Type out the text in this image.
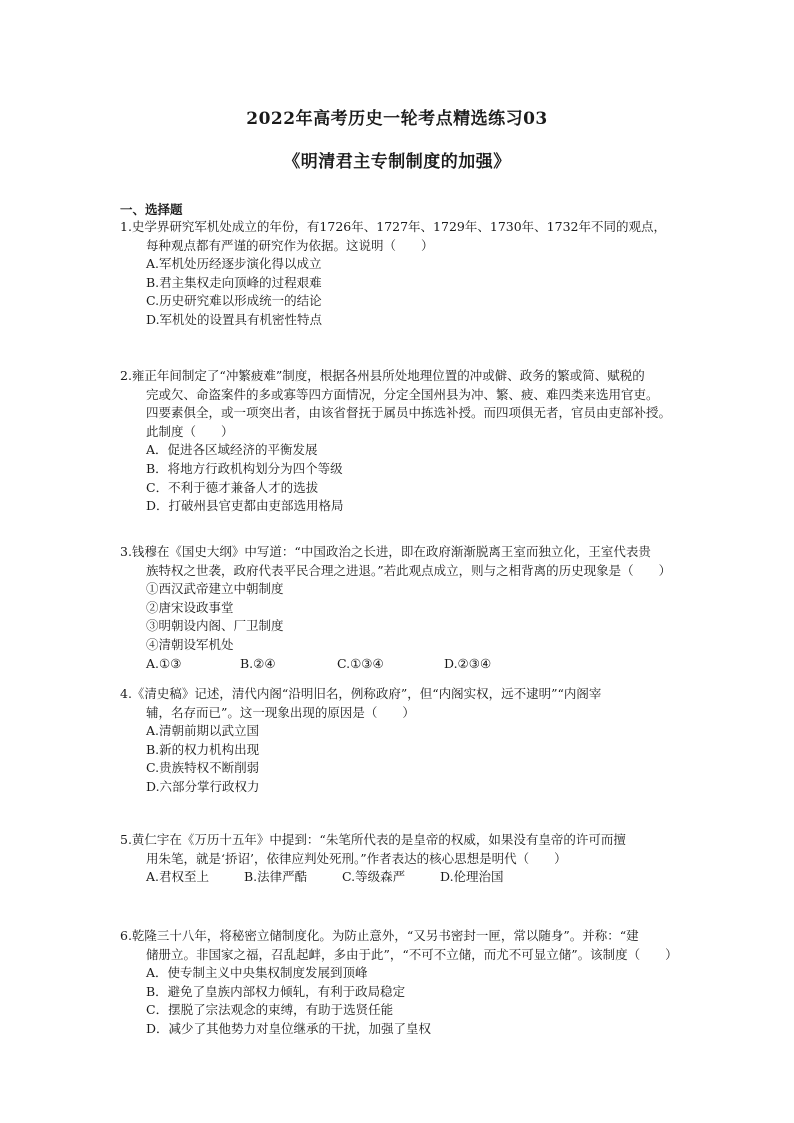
2022年高考历史一轮考点精选练习03
《明清君主专制制度的加强》
一、选择题
1.史学界研究军机处成立的年份，有1726年、1727年、1729年、1730年、1732年不同的观点，
每种观点都有严谨的研究作为依据。这说明（　　）
A.军机处历经逐步演化得以成立
B.君主集权走向顶峰的过程艰难
C.历史研究难以形成统一的结论
D.军机处的设置具有机密性特点
2.雍正年间制定了“冲繁疲难”制度，根据各州县所处地理位置的冲或僻、政务的繁或简、赋税的
完或欠、命盗案件的多或寡等四方面情况，分定全国州县为冲、繁、疲、难四类来选用官吏。
四要素俱全，或一项突出者，由该省督抚于属员中拣选补授。而四项俱无者，官员由吏部补授。
此制度（　　）
A．促进各区域经济的平衡发展
B．将地方行政机构划分为四个等级
C．不利于德才兼备人才的选拔
D．打破州县官吏都由吏部选用格局
3.钱穆在《国史大纲》中写道：“中国政治之长进，即在政府渐渐脱离王室而独立化，王室代表贵
族特权之世袭，政府代表平民合理之进退。”若此观点成立，则与之相背离的历史现象是（　　）
①西汉武帝建立中朝制度
②唐宋设政事堂
③明朝设内阁、厂卫制度
④清朝设军机处
A.①③	B.②④	C.①③④	D.②③④
4.《清史稿》记述，清代内阁“沿明旧名，例称政府”，但“内阁实权，远不逮明”“内阁宰
辅，名存而已”。这一现象出现的原因是（　　）
A.清朝前期以武立国
B.新的权力机构出现
C.贵族特权不断削弱
D.六部分掌行政权力
5.黄仁宇在《万历十五年》中提到：“朱笔所代表的是皇帝的权威，如果没有皇帝的许可而擅
用朱笔，就是‘挢诏’，依律应判处死刑。”作者表达的核心思想是明代（　　）
A.君权至上	B.法律严酷	C.等级森严	D.伦理治国
6.乾隆三十八年，将秘密立储制度化。为防止意外，“又另书密封一匣，常以随身”。并称：“建
储册立。非国家之福，召乱起衅，多由于此”，“不可不立储，而尤不可显立储”。该制度（　　）
A．使专制主义中央集权制度发展到顶峰
B．避免了皇族内部权力倾轧，有利于政局稳定
C．摆脱了宗法观念的束缚，有助于选贤任能
D．减少了其他势力对皇位继承的干扰，加强了皇权
